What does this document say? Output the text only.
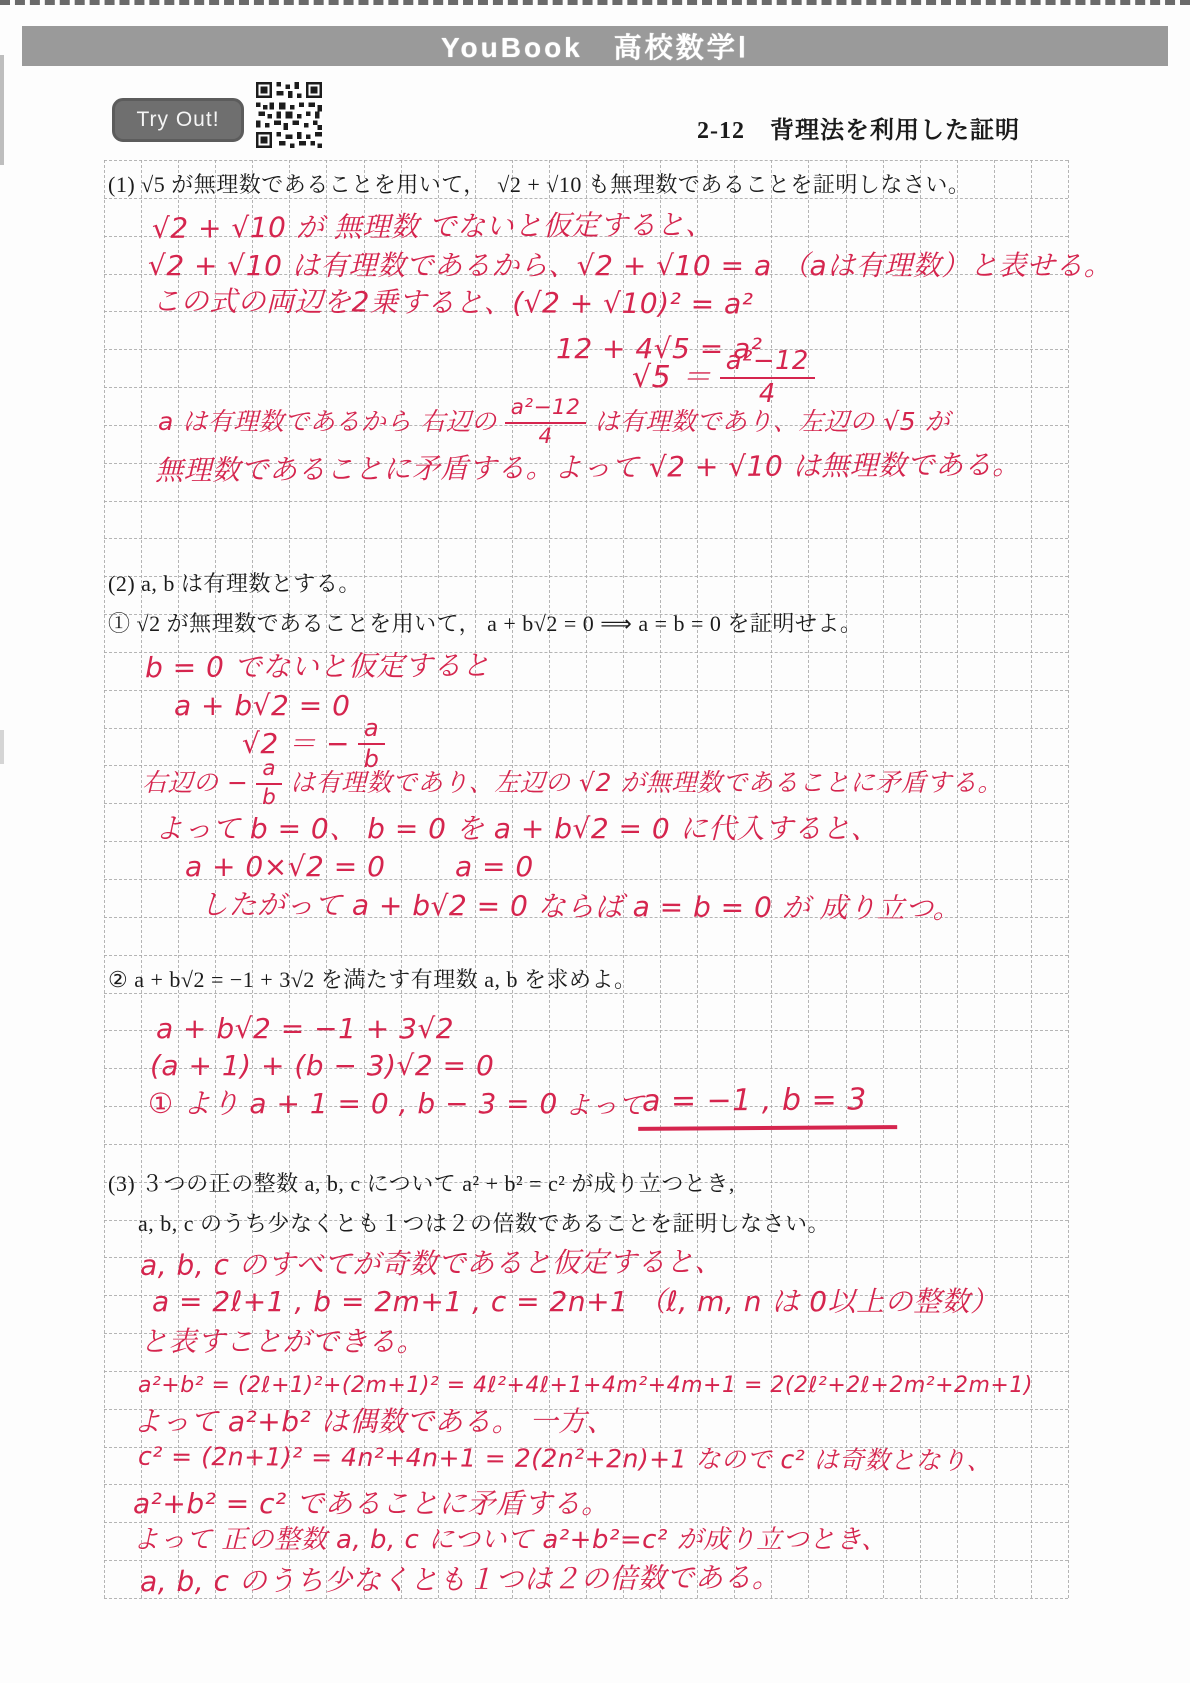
YouBook　高校数学Ⅰ
Try Out!	2-12　背理法を利用した証明
(1) √5 が無理数であることを用いて，　√2 + √10 も無理数であることを証明しなさい。
√2 + √10 が 無理数 でないと仮定すると、
√2 + √10 は有理数であるから、√2 + √10 = a （aは有理数）と表せる。
この式の両辺を2乗すると、(√2 + √10)² = a²
12 + 4√5 = a²
$√5 = \frac{\text{a²−12}}{4}$
a は有理数であるから 右辺の $\frac{\text{a²−12}}{4}$ は有理数であり、左辺の √5 が
無理数であることに矛盾する。よって √2 + √10 は無理数である。
(2) a, b は有理数とする。
① √2 が無理数であることを用いて， a + b√2 = 0 ⟹ a = b = 0 を証明せよ。
b = 0 でないと仮定すると
a + b√2 = 0
√2 ＝ − $\frac{a}{b}$
右辺の − $\frac{a}{b}$ は有理数であり、左辺の √2 が無理数であることに矛盾する。
よって b = 0、 b = 0 を a + b√2 = 0 に代入すると、
a + 0×√2 = 0 a = 0
したがって a + b√2 = 0 ならば a = b = 0 が 成り立つ。
② a + b√2 = −1 + 3√2 を満たす有理数 a, b を求めよ。
a + b√2 = −1 + 3√2
(a + 1) + (b − 3)√2 = 0
① より a + 1 = 0 , b − 3 = 0 よって
a = −1 , b = 3
(3) ３つの正の整数 a, b, c について a² + b² = c² が成り立つとき,
a, b, c のうち少なくとも１つは２の倍数であることを証明しなさい。
a, b, c のすべてが奇数であると仮定すると、
a = 2ℓ+1 , b = 2m+1 , c = 2n+1 （ℓ, m, n は 0以上の整数）
と表すことができる。
a²+b² = (2ℓ+1)²+(2m+1)² = 4ℓ²+4ℓ+1+4m²+4m+1 = 2(2ℓ²+2ℓ+2m²+2m+1)
よって a²+b² は偶数である。 一方、
c² = (2n+1)² = 4n²+4n+1 = 2(2n²+2n)+1 なので c² は奇数となり、
a²+b² = c² であることに矛盾する。
よって 正の整数 a, b, c について a²+b²=c² が成り立つとき、
a, b, c のうち少なくとも１つは２の倍数である。
